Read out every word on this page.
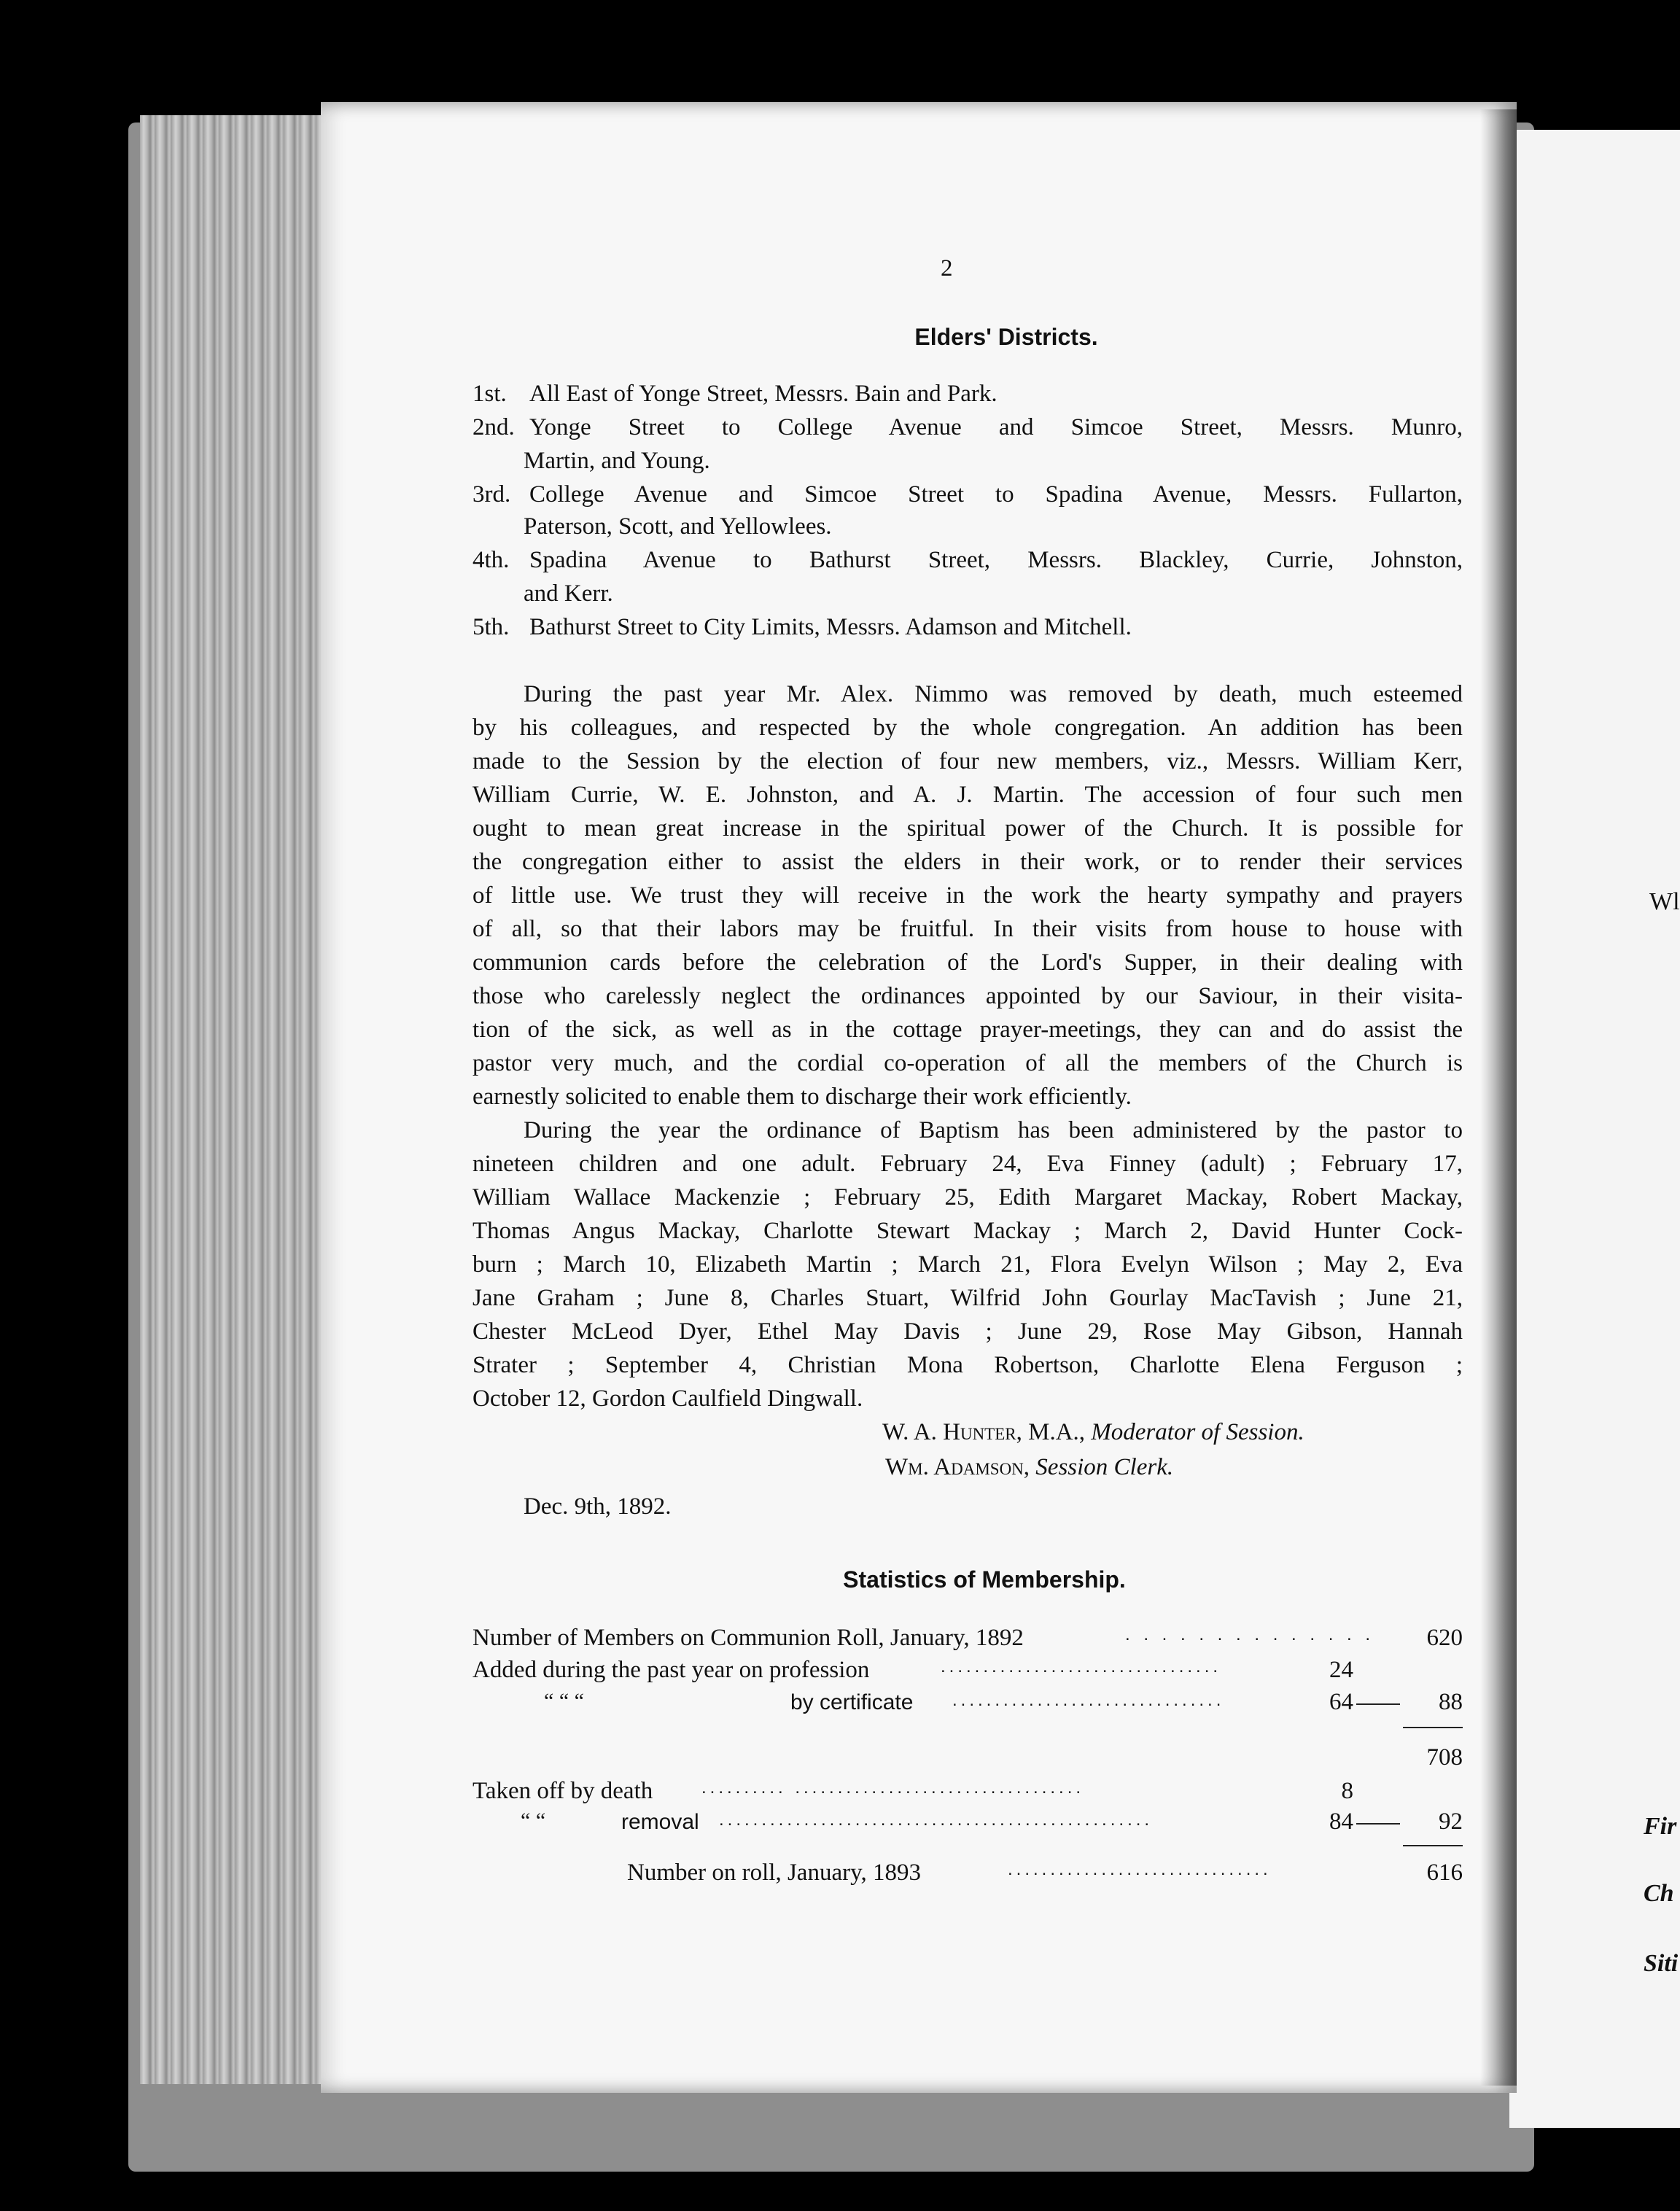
Wl
Fir
Ch
Siti
2
Elders' Districts.
1st. All East of Yonge Street, Messrs. Bain and Park.
2nd. Yonge Street to College Avenue and Simcoe Street, Messrs. Munro,
Martin, and Young.
3rd. College Avenue and Simcoe Street to Spadina Avenue, Messrs. Fullarton,
Paterson, Scott, and Yellowlees.
4th. Spadina Avenue to Bathurst Street, Messrs. Blackley, Currie, Johnston,
and Kerr.
5th. Bathurst Street to City Limits, Messrs. Adamson and Mitchell.
During the past year Mr. Alex. Nimmo was removed by death, much esteemed
by his colleagues, and respected by the whole congregation. An addition has been
made to the Session by the election of four new members, viz., Messrs. William Kerr,
William Currie, W. E. Johnston, and A. J. Martin. The accession of four such men
ought to mean great increase in the spiritual power of the Church. It is possible for
the congregation either to assist the elders in their work, or to render their services
of little use. We trust they will receive in the work the hearty sympathy and prayers
of all, so that their labors may be fruitful. In their visits from house to house with
communion cards before the celebration of the Lord's Supper, in their dealing with
those who carelessly neglect the ordinances appointed by our Saviour, in their visita-
tion of the sick, as well as in the cottage prayer-meetings, they can and do assist the
pastor very much, and the cordial co-operation of all the members of the Church is
earnestly solicited to enable them to discharge their work efficiently.
During the year the ordinance of Baptism has been administered by the pastor to
nineteen children and one adult. February 24, Eva Finney (adult) ; February 17,
William Wallace Mackenzie ; February 25, Edith Margaret Mackay, Robert Mackay,
Thomas Angus Mackay, Charlotte Stewart Mackay ; March 2, David Hunter Cock-
burn ; March 10, Elizabeth Martin ; March 21, Flora Evelyn Wilson ; May 2, Eva
Jane Graham ; June 8, Charles Stuart, Wilfrid John Gourlay MacTavish ; June 21,
Chester McLeod Dyer, Ethel May Davis ; June 29, Rose May Gibson, Hannah
Strater ; September 4, Christian Mona Robertson, Charlotte Elena Ferguson ;
October 12, Gordon Caulfield Dingwall.
W. A. Hunter, M.A., Moderator of Session.
Wm. Adamson, Session Clerk.
Dec. 9th, 1892.
Statistics of Membership.
Number of Members on Communion Roll, January, 1892	. . . . . . . . . . . . . .	620
Added during the past year on profession	.................................	24
“ “ “	by certificate ................................	64	88
708
Taken off by death	.......... ..................................	8
“ “	removal ...................................................	84	92
Number on roll, January, 1893	...............................	616
